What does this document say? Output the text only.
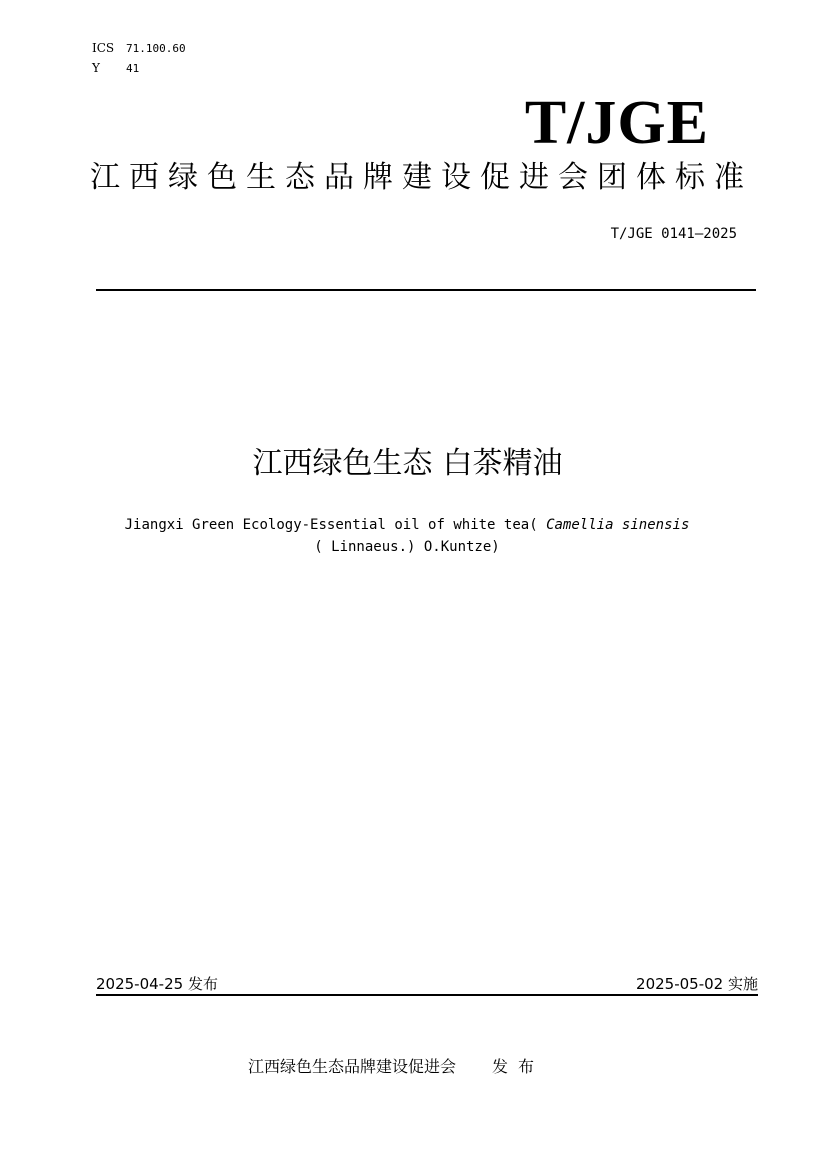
ICS 71.100.60
Y 41
T/JGE
江西绿色生态品牌建设促进会团体标准
T/JGE 0141—2025
江西绿色生态 白茶精油
Jiangxi Green Ecology-Essential oil of white tea( Camellia sinensis
( Linnaeus.) O.Kuntze)
2025-04-25 发布	2025-05-02 实施
江西绿色生态品牌建设促进会 发布
